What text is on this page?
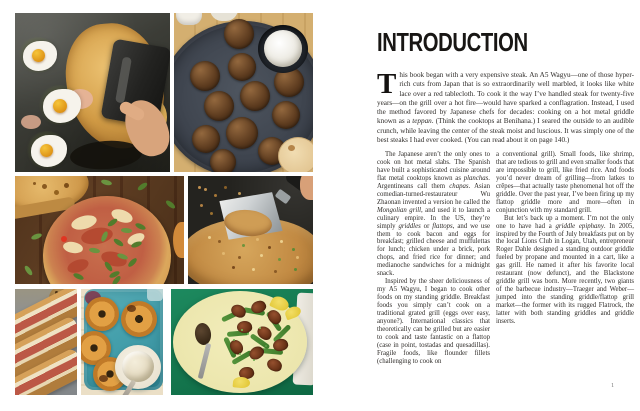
INTRODUCTION

This book began with a very expensive steak. An A5 Wagyu—one of those hyper-rich cuts from Japan that is so extraordinarily well marbled, it looks like white lace over a red tablecloth. To cook it the way I’ve handled steak for twenty-five years—on the grill over a hot fire—would have sparked a conflagration. Instead, I used the method favored by Japanese chefs for decades: cooking on a hot metal griddle known as a teppan. (Think the cooktops at Benihana.) I seared the outside to an audible crunch, while leaving the center of the steak moist and luscious. It was simply one of the best steaks I had ever cooked. (You can read about it on page 140.)

The Japanese aren’t the only ones to cook on hot metal slabs. The Spanish have built a sophisticated cuisine around flat metal cooktops known as planchas. Argentineans call them chapas. Asian comedian-turned-restaurateur Wu Zhaonan invented a version he called the Mongolian grill, and used it to launch a culinary empire. In the US, they’re simply griddles or flattops, and we use them to cook bacon and eggs for breakfast; grilled cheese and muffulettas for lunch; chicken under a brick, pork chops, and fried rice for dinner; and medianoche sandwiches for a midnight snack.

Inspired by the sheer deliciousness of my A5 Wagyu, I began to cook other foods on my standing griddle. Breakfast foods you simply can’t cook on a traditional grated grill (eggs over easy, anyone?). International classics that theoretically can be grilled but are easier to cook and taste fantastic on a flattop (case in point, tostadas and quesadillas). Fragile foods, like flounder fillets (challenging to cook on

a conventional grill). Small foods, like shrimp, that are tedious to grill and even smaller foods that are impossible to grill, like fried rice. And foods you’d never dream of grilling—from latkes to crêpes—that actually taste phenomenal hot off the griddle. Over the past year, I’ve been firing up my flattop griddle more and more—often in conjunction with my standard grill.

But let’s back up a moment. I’m not the only one to have had a griddle epiphany. In 2005, inspired by the Fourth of July breakfasts put on by the local Lions Club in Logan, Utah, entrepreneur Roger Dahle designed a standing outdoor griddle fueled by propane and mounted in a cart, like a gas grill. He named it after his favorite local restaurant (now defunct), and the Blackstone griddle grill was born. More recently, two giants of the barbecue industry—Traeger and Weber—jumped into the standing griddle/flattop grill market—the former with its rugged Flatrock, the latter with both standing griddles and griddle inserts.

1
